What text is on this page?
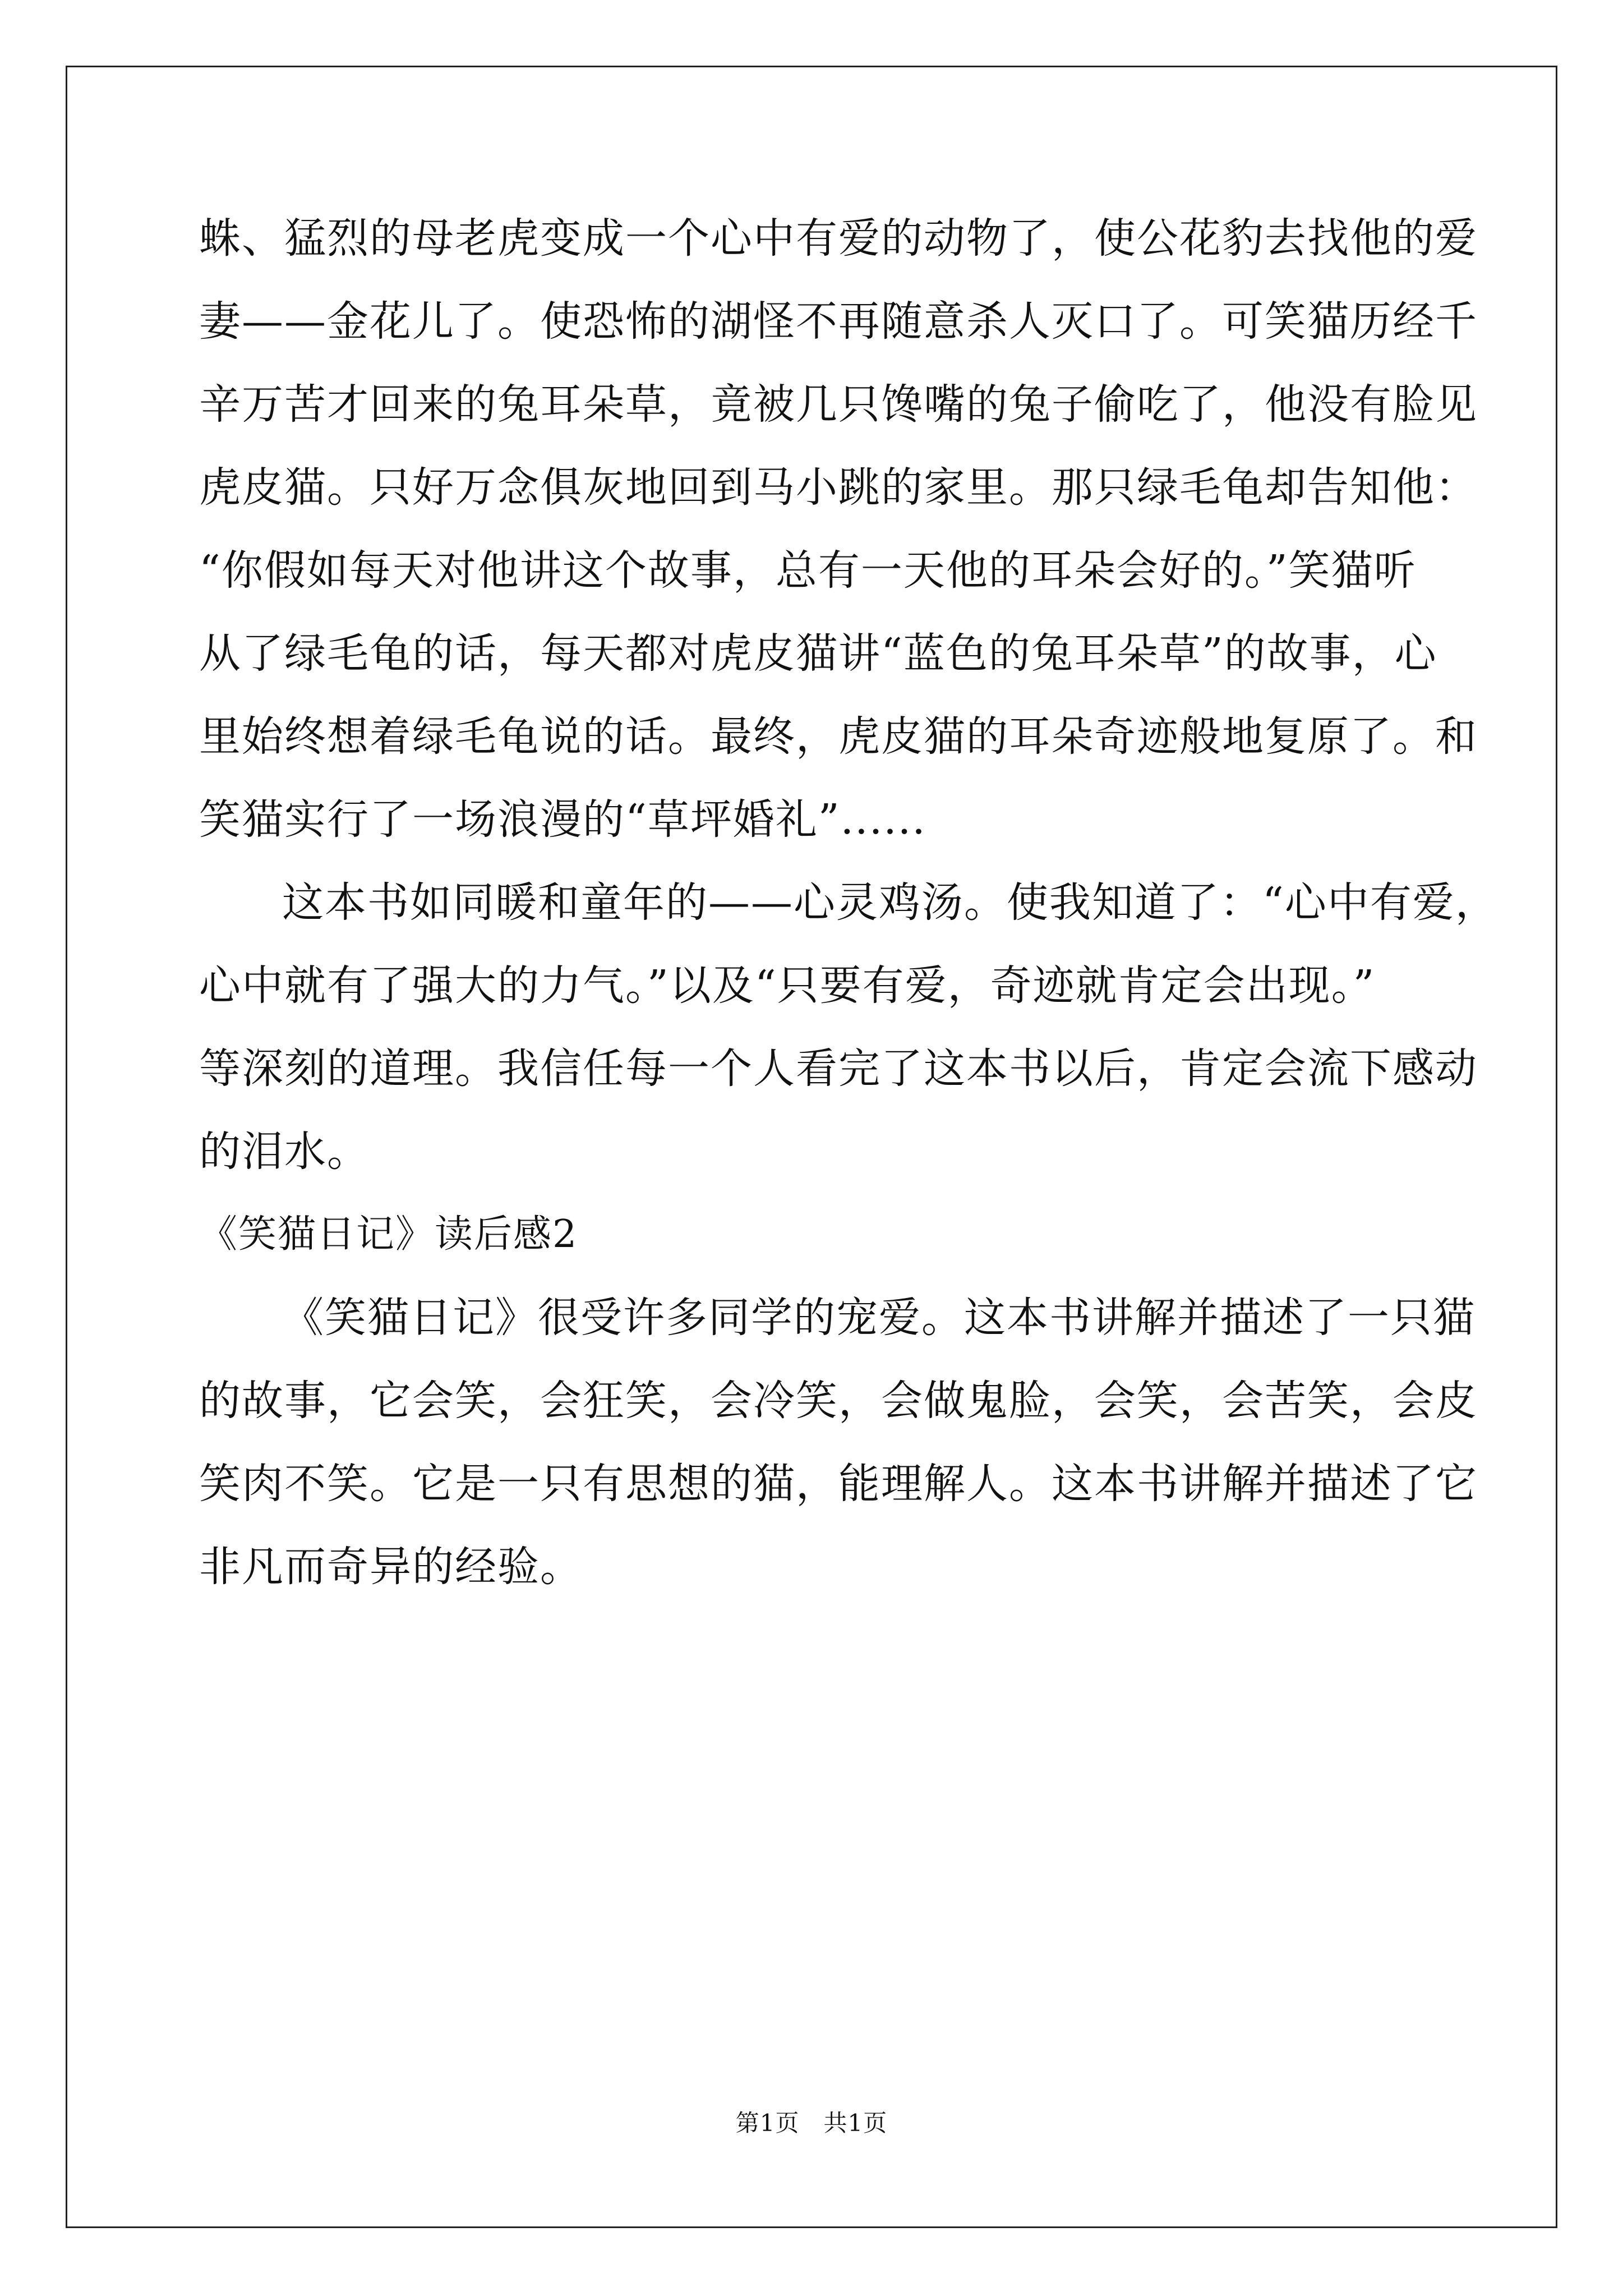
蛛、猛烈的母老虎变成一个心中有爱的动物了，使公花豹去找他的爱
妻——金花儿了。使恐怖的湖怪不再随意杀人灭口了。可笑猫历经千
辛万苦才回来的兔耳朵草，竟被几只馋嘴的兔子偷吃了，他没有脸见
虎皮猫。只好万念俱灰地回到马小跳的家里。那只绿毛龟却告知他：
“你假如每天对他讲这个故事，总有一天他的耳朵会好的。”笑猫听
从了绿毛龟的话，每天都对虎皮猫讲“蓝色的兔耳朵草”的故事，心
里始终想着绿毛龟说的话。最终，虎皮猫的耳朵奇迹般地复原了。和
笑猫实行了一场浪漫的“草坪婚礼”......
这本书如同暖和童年的——心灵鸡汤。使我知道了：“心中有爱，
心中就有了强大的力气。”以及“只要有爱，奇迹就肯定会出现。”
等深刻的道理。我信任每一个人看完了这本书以后，肯定会流下感动
的泪水。
《笑猫日记》读后感2
《笑猫日记》很受许多同学的宠爱。这本书讲解并描述了一只猫
的故事，它会笑，会狂笑，会冷笑，会做鬼脸，会笑，会苦笑，会皮
笑肉不笑。它是一只有思想的猫，能理解人。这本书讲解并描述了它
非凡而奇异的经验。
第1页　共1页
